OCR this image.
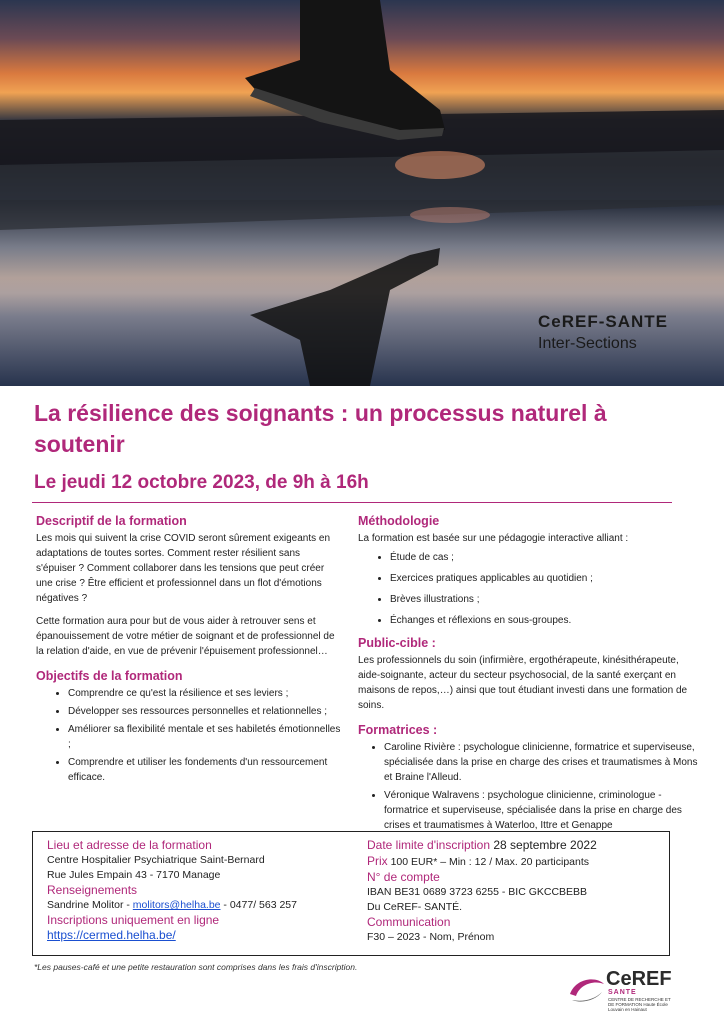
CeREF-SANTE
Inter-Sections
La résilience des soignants : un processus naturel à soutenir
Le jeudi 12 octobre 2023, de 9h à 16h
Descriptif de la formation

Les mois qui suivent la crise COVID seront sûrement exigeants en adaptations de toutes sortes. Comment rester résilient sans s'épuiser ? Comment collaborer dans les tensions que peut créer une crise ? Être efficient et professionnel dans un flot d'émotions négatives ?

Cette formation aura pour but de vous aider à retrouver sens et épanouissement de votre métier de soignant et de professionnel de la relation d'aide, en vue de prévenir l'épuisement professionnel…

Objectifs de la formation
• Comprendre ce qu'est la résilience et ses leviers ;
• Développer ses ressources personnelles et relationnelles ;
• Améliorer sa flexibilité mentale et ses habiletés émotionnelles ;
• Comprendre et utiliser les fondements d'un ressourcement efficace.
Méthodologie

La formation est basée sur une pédagogie interactive alliant :

• Étude de cas ;
• Exercices pratiques applicables au quotidien ;
• Brèves illustrations ;
• Échanges et réflexions en sous-groupes.
Public-cible :

Les professionnels du soin (infirmière, ergothérapeute, kinésithérapeute, aide-soignante, acteur du secteur psychosocial, de la santé exerçant en maisons de repos,…) ainsi que tout étudiant investi dans une formation de soins.

Formatrices :
• Caroline Rivière : psychologue clinicienne, formatrice et superviseuse, spécialisée dans la prise en charge des crises et traumatismes à Mons et Braine l'Alleud.
• Véronique Walravens : psychologue clinicienne, criminologue - formatrice et superviseuse, spécialisée dans la prise en charge des crises et traumatismes à Waterloo, Ittre et Genappe
Lieu et adresse de la formation
Centre Hospitalier Psychiatrique Saint-Bernard
Rue Jules Empain 43 - 7170 Manage
Renseignements
Sandrine Molitor - molitors@helha.be - 0477/ 563 257
Inscriptions uniquement en ligne
https://cermed.helha.be/
Date limite d'inscription 28 septembre 2022
Prix 100 EUR* – Min : 12 / Max. 20 participants
N° de compte
IBAN BE31 0689 3723 6255 - BIC GKCCBEBB
Du CeREF- SANTÉ.
Communication
F30 – 2023 - Nom, Prénom
*Les pauses-café et une petite restauration sont comprises dans les frais d'inscription.
CeREF
SANTE
CENTRE DE RECHERCHE ET DE FORMATION Haute École Louvain en Hainaut
